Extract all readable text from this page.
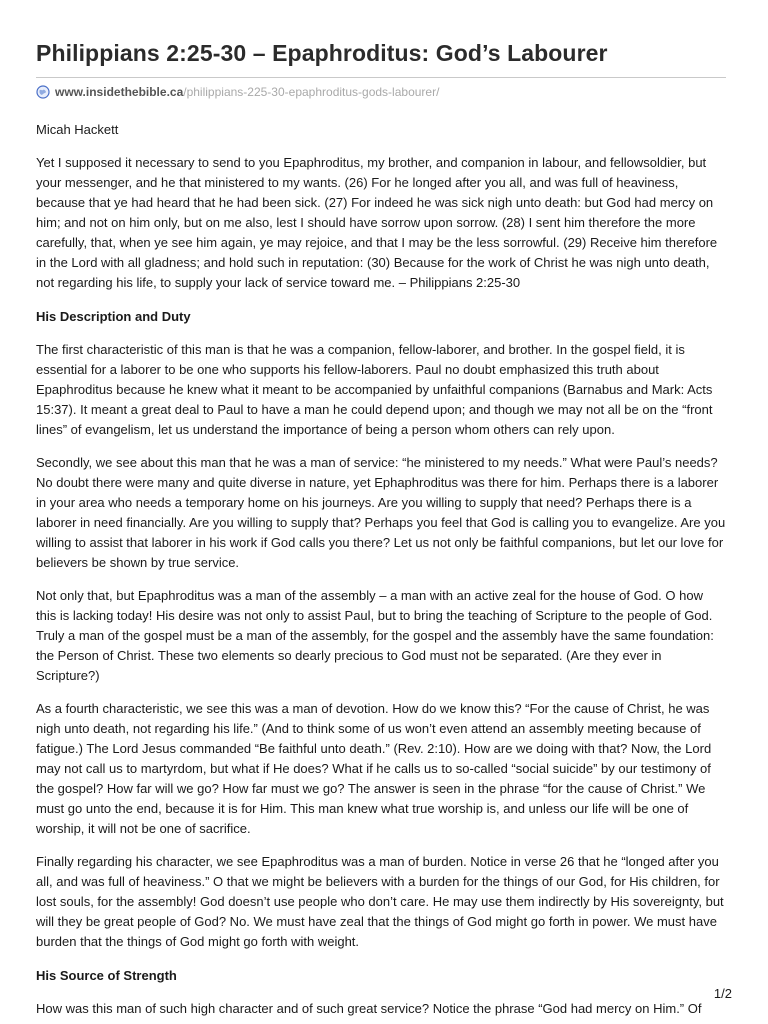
Philippians 2:25-30 – Epaphroditus: God’s Labourer
www.insidethebible.ca /philippians-225-30-epaphroditus-gods-labourer/
Micah Hackett

Yet I supposed it necessary to send to you Epaphroditus, my brother, and companion in labour, and fellowsoldier, but your messenger, and he that ministered to my wants. (26) For he longed after you all, and was full of heaviness, because that ye had heard that he had been sick. (27) For indeed he was sick nigh unto death: but God had mercy on him; and not on him only, but on me also, lest I should have sorrow upon sorrow. (28) I sent him therefore the more carefully, that, when ye see him again, ye may rejoice, and that I may be the less sorrowful. (29) Receive him therefore in the Lord with all gladness; and hold such in reputation: (30) Because for the work of Christ he was nigh unto death, not regarding his life, to supply your lack of service toward me. – Philippians 2:25-30

His Description and Duty

The first characteristic of this man is that he was a companion, fellow-laborer, and brother. In the gospel field, it is essential for a laborer to be one who supports his fellow-laborers. Paul no doubt emphasized this truth about Epaphroditus because he knew what it meant to be accompanied by unfaithful companions (Barnabus and Mark: Acts 15:37). It meant a great deal to Paul to have a man he could depend upon; and though we may not all be on the “front lines” of evangelism, let us understand the importance of being a person whom others can rely upon.

Secondly, we see about this man that he was a man of service: “he ministered to my needs.” What were Paul’s needs? No doubt there were many and quite diverse in nature, yet Ephaphroditus was there for him. Perhaps there is a laborer in your area who needs a temporary home on his journeys. Are you willing to supply that need? Perhaps there is a laborer in need financially. Are you willing to supply that? Perhaps you feel that God is calling you to evangelize. Are you willing to assist that laborer in his work if God calls you there? Let us not only be faithful companions, but let our love for believers be shown by true service.

Not only that, but Epaphroditus was a man of the assembly – a man with an active zeal for the house of God. O how this is lacking today! His desire was not only to assist Paul, but to bring the teaching of Scripture to the people of God. Truly a man of the gospel must be a man of the assembly, for the gospel and the assembly have the same foundation: the Person of Christ. These two elements so dearly precious to God must not be separated. (Are they ever in Scripture?)

As a fourth characteristic, we see this was a man of devotion. How do we know this? “For the cause of Christ, he was nigh unto death, not regarding his life.” (And to think some of us won’t even attend an assembly meeting because of fatigue.) The Lord Jesus commanded “Be faithful unto death.” (Rev. 2:10). How are we doing with that? Now, the Lord may not call us to martyrdom, but what if He does? What if he calls us to so-called “social suicide” by our testimony of the gospel? How far will we go? How far must we go? The answer is seen in the phrase “for the cause of Christ.” We must go unto the end, because it is for Him. This man knew what true worship is, and unless our life will be one of worship, it will not be one of sacrifice.

Finally regarding his character, we see Epaphroditus was a man of burden. Notice in verse 26 that he “longed after you all, and was full of heaviness.” O that we might be believers with a burden for the things of our God, for His children, for lost souls, for the assembly! God doesn’t use people who don’t care. He may use them indirectly by His sovereignty, but will they be great people of God? No. We must have zeal that the things of God might go forth in power. We must have burden that the things of God might go forth with weight.

His Source of Strength

How was this man of such high character and of such great service? Notice the phrase “God had mercy on Him.” Of

1/2
